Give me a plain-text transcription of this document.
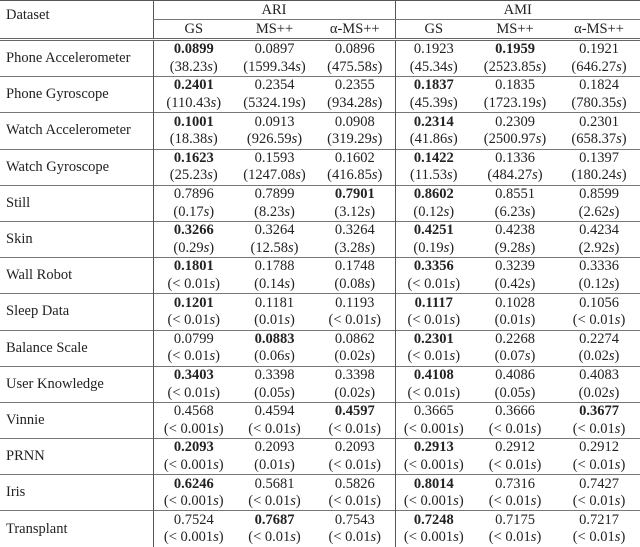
Dataset	ARI			AMI		
	GS	MS++	α-MS++	GS	MS++	α-MS++
Phone Accelerometer	0.0899	0.0897	0.0896	0.1923	0.1959	0.1921
	( 38.23s )	( 1599.34s )	( 475.58s )	( 45.34s )	( 2523.85s )	( 646.27s )
Phone Gyroscope	0.2401	0.2354	0.2355	0.1837	0.1835	0.1824
	( 110.43s )	( 5324.19s )	( 934.28s )	( 45.39s )	( 1723.19s )	( 780.35s )
Watch Accelerometer	0.1001	0.0913	0.0908	0.2314	0.2309	0.2301
	( 18.38s )	( 926.59s )	( 319.29s )	( 41.86s )	( 2500.97s )	( 658.37s )
Watch Gyroscope	0.1623	0.1593	0.1602	0.1422	0.1336	0.1397
	( 25.23s )	( 1247.08s )	( 416.85s )	( 11.53s )	( 484.27s )	( 180.24s )
Still	0.7896	0.7899	0.7901	0.8602	0.8551	0.8599
	( 0.17s )	( 8.23s )	( 3.12s )	( 0.12s )	( 6.23s )	( 2.62s )
Skin	0.3266	0.3264	0.3264	0.4251	0.4238	0.4234
	( 0.29s )	( 12.58s )	( 3.28s )	( 0.19s )	( 9.28s )	( 2.92s )
Wall Robot	0.1801	0.1788	0.1748	0.3356	0.3239	0.3336
	( < 0.01s )	( 0.14s )	( 0.08s )	( < 0.01s )	( 0.42s )	( 0.12s )
Sleep Data	0.1201	0.1181	0.1193	0.1117	0.1028	0.1056
	( < 0.01s )	( 0.01s )	( < 0.01s )	( < 0.01s )	( 0.01s )	( < 0.01s )
Balance Scale	0.0799	0.0883	0.0862	0.2301	0.2268	0.2274
	( < 0.01s )	( 0.06s )	( 0.02s )	( < 0.01s )	( 0.07s )	( 0.02s )
User Knowledge	0.3403	0.3398	0.3398	0.4108	0.4086	0.4083
	( < 0.01s )	( 0.05s )	( 0.02s )	( < 0.01s )	( 0.05s )	( 0.02s )
Vinnie	0.4568	0.4594	0.4597	0.3665	0.3666	0.3677
	( < 0.001s )	( < 0.01s )	( < 0.01s )	( < 0.001s )	( < 0.01s )	( < 0.01s )
PRNN	0.2093	0.2093	0.2093	0.2913	0.2912	0.2912
	( < 0.001s )	( 0.01s )	( < 0.01s )	( < 0.001s )	( < 0.01s )	( < 0.01s )
Iris	0.6246	0.5681	0.5826	0.8014	0.7316	0.7427
	( < 0.001s )	( < 0.01s )	( < 0.01s )	( < 0.001s )	( < 0.01s )	( < 0.01s )
Transplant	0.7524	0.7687	0.7543	0.7248	0.7175	0.7217
	( < 0.001s )	( < 0.01s )	( < 0.01s )	( < 0.001s )	( < 0.01s )	( < 0.01s )
